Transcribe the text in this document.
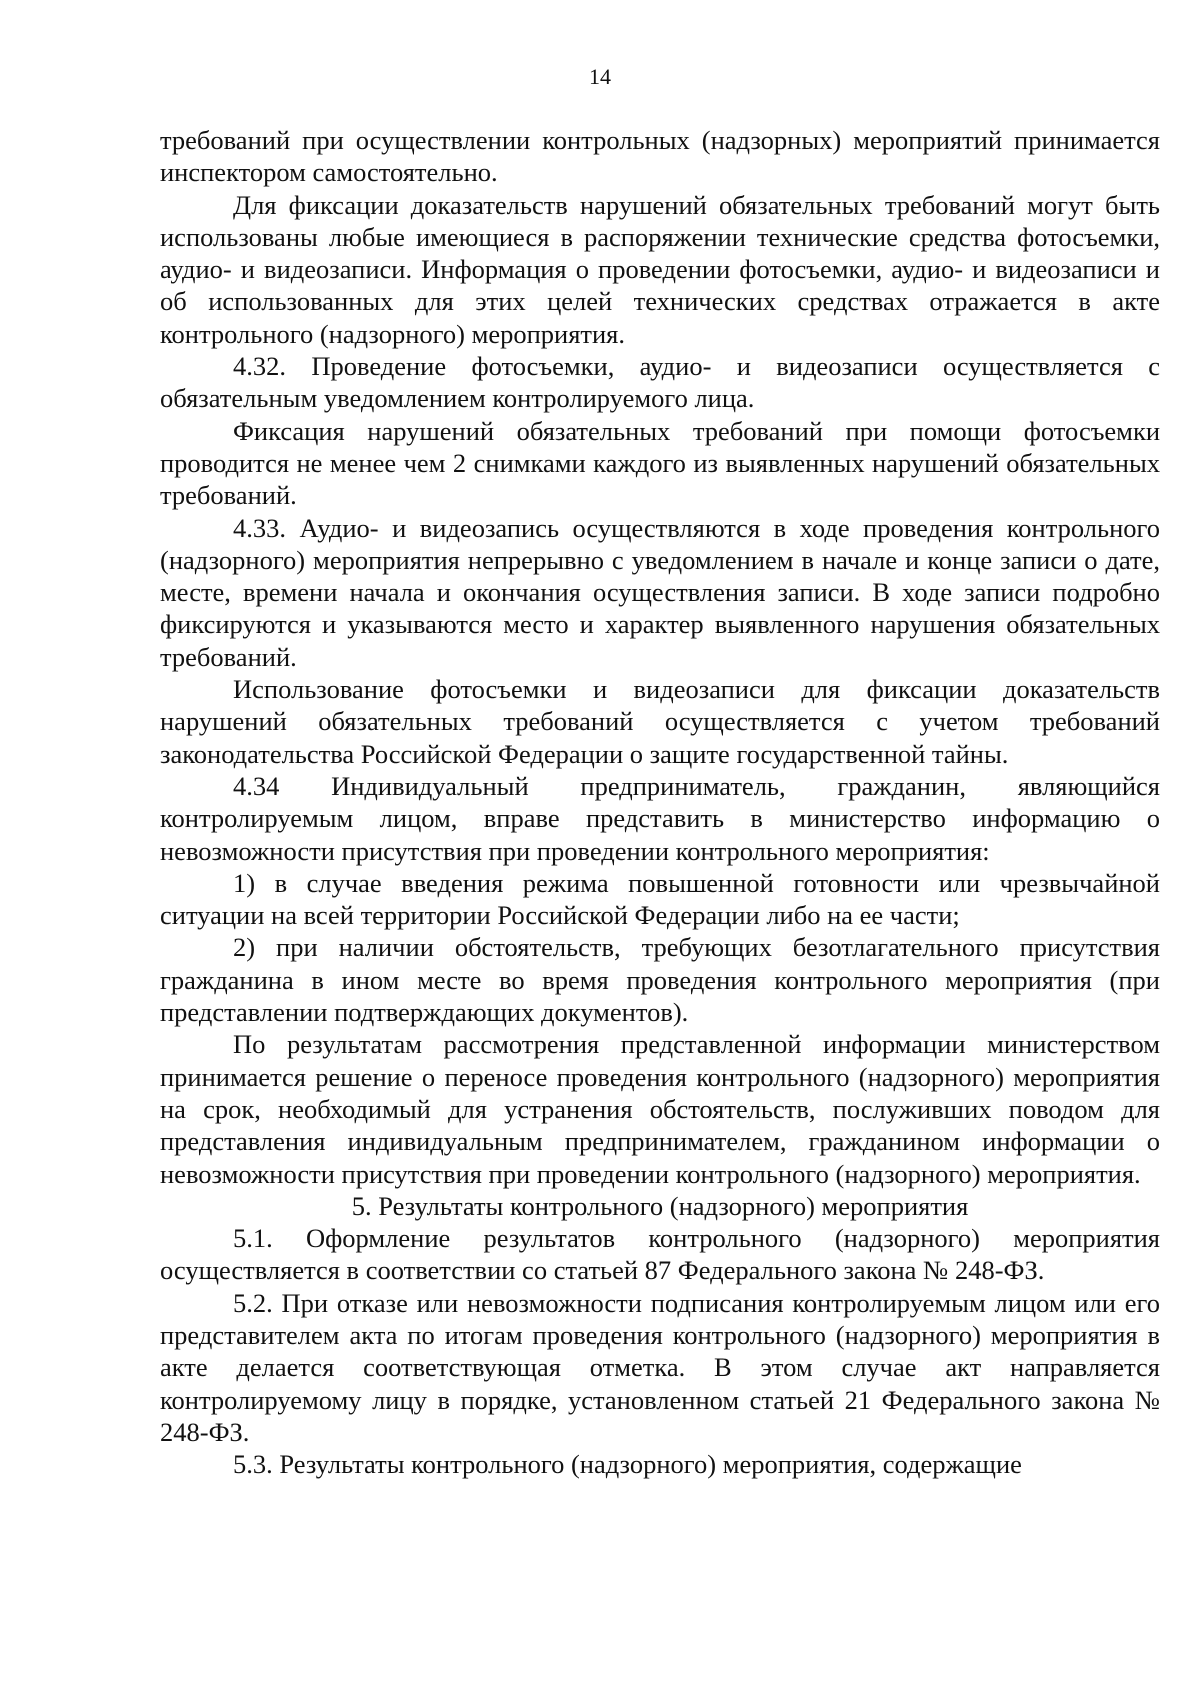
14

требований при осуществлении контрольных (надзорных) мероприятий принимается инспектором самостоятельно.

Для фиксации доказательств нарушений обязательных требований могут быть использованы любые имеющиеся в распоряжении технические средства фотосъемки, аудио- и видеозаписи. Информация о проведении фотосъемки, аудио- и видеозаписи и об использованных для этих целей технических средствах отражается в акте контрольного (надзорного) мероприятия.

4.32. Проведение фотосъемки, аудио- и видеозаписи осуществляется с обязательным уведомлением контролируемого лица.

Фиксация нарушений обязательных требований при помощи фотосъемки проводится не менее чем 2 снимками каждого из выявленных нарушений обязательных требований.

4.33. Аудио- и видеозапись осуществляются в ходе проведения контрольного (надзорного) мероприятия непрерывно с уведомлением в начале и конце записи о дате, месте, времени начала и окончания осуществления записи. В ходе записи подробно фиксируются и указываются место и характер выявленного нарушения обязательных требований.

Использование фотосъемки и видеозаписи для фиксации доказательств нарушений обязательных требований осуществляется с учетом требований законодательства Российской Федерации о защите государственной тайны.

4.34 Индивидуальный предприниматель, гражданин, являющийся контролируемым лицом, вправе представить в министерство информацию о невозможности присутствия при проведении контрольного мероприятия:

1) в случае введения режима повышенной готовности или чрезвычайной ситуации на всей территории Российской Федерации либо на ее части;

2) при наличии обстоятельств, требующих безотлагательного присутствия гражданина в ином месте во время проведения контрольного мероприятия (при представлении подтверждающих документов).

По результатам рассмотрения представленной информации министерством принимается решение о переносе проведения контрольного (надзорного) мероприятия на срок, необходимый для устранения обстоятельств, послуживших поводом для представления индивидуальным предпринимателем, гражданином информации о невозможности присутствия при проведении контрольного (надзорного) мероприятия.

5. Результаты контрольного (надзорного) мероприятия

5.1. Оформление результатов контрольного (надзорного) мероприятия осуществляется в соответствии со статьей 87 Федерального закона № 248-ФЗ.

5.2. При отказе или невозможности подписания контролируемым лицом или его представителем акта по итогам проведения контрольного (надзорного) мероприятия в акте делается соответствующая отметка. В этом случае акт направляется контролируемому лицу в порядке, установленном статьей 21 Федерального закона № 248-ФЗ.

5.3. Результаты контрольного (надзорного) мероприятия, содержащие
